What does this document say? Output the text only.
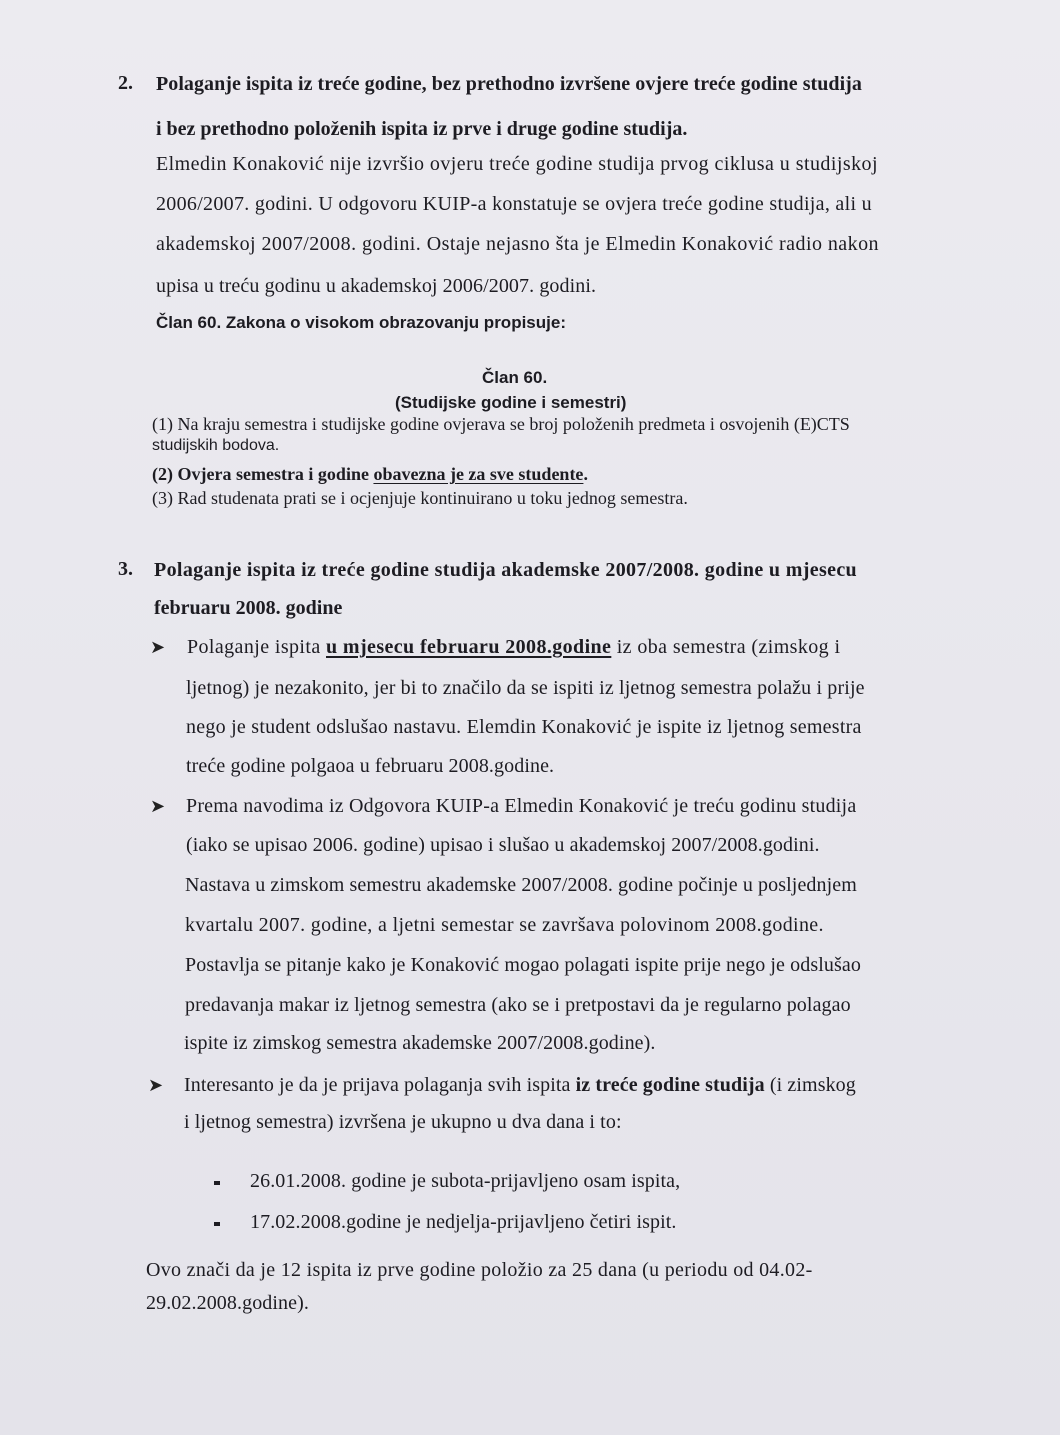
2. Polaganje ispita iz treće godine, bez prethodno izvršene ovjere treće godine studija
i bez prethodno položenih ispita iz prve i druge godine studija.
Elmedin Konaković nije izvršio ovjeru treće godine studija prvog ciklusa u studijskoj
2006/2007. godini. U odgovoru KUIP-a konstatuje se ovjera treće godine studija, ali u
akademskoj 2007/2008. godini. Ostaje nejasno šta je Elmedin Konaković radio nakon
upisa u treću godinu u akademskoj 2006/2007. godini.
Član 60. Zakona o visokom obrazovanju propisuje:
Član 60.
(Studijske godine i semestri)
(1) Na kraju semestra i studijske godine ovjerava se broj položenih predmeta i osvojenih (E)CTS
studijskih bodova.
(2) Ovjera semestra i godine obavezna je za sve studente.
(3) Rad studenata prati se i ocjenjuje kontinuirano u toku jednog semestra.
3. Polaganje ispita iz treće godine studija akademske 2007/2008. godine u mjesecu
februaru 2008. godine
➤ Polaganje ispita u mjesecu februaru 2008.godine iz oba semestra (zimskog i
ljetnog) je nezakonito, jer bi to značilo da se ispiti iz ljetnog semestra polažu i prije
nego je student odslušao nastavu. Elemdin Konaković je ispite iz ljetnog semestra
treće godine polgaoa u februaru 2008.godine.
➤ Prema navodima iz Odgovora KUIP-a Elmedin Konaković je treću godinu studija
(iako se upisao 2006. godine) upisao i slušao u akademskoj 2007/2008.godini.
Nastava u zimskom semestru akademske 2007/2008. godine počinje u posljednjem
kvartalu 2007. godine, a ljetni semestar se završava polovinom 2008.godine.
Postavlja se pitanje kako je Konaković mogao polagati ispite prije nego je odslušao
predavanja makar iz ljetnog semestra (ako se i pretpostavi da je regularno polagao
ispite iz zimskog semestra akademske 2007/2008.godine).
➤ Interesanto je da je prijava polaganja svih ispita iz treće godine studija (i zimskog
i ljetnog semestra) izvršena je ukupno u dva dana i to:
26.01.2008. godine je subota-prijavljeno osam ispita,
17.02.2008.godine je nedjelja-prijavljeno četiri ispit.
Ovo znači da je 12 ispita iz prve godine položio za 25 dana (u periodu od 04.02-
29.02.2008.godine).
